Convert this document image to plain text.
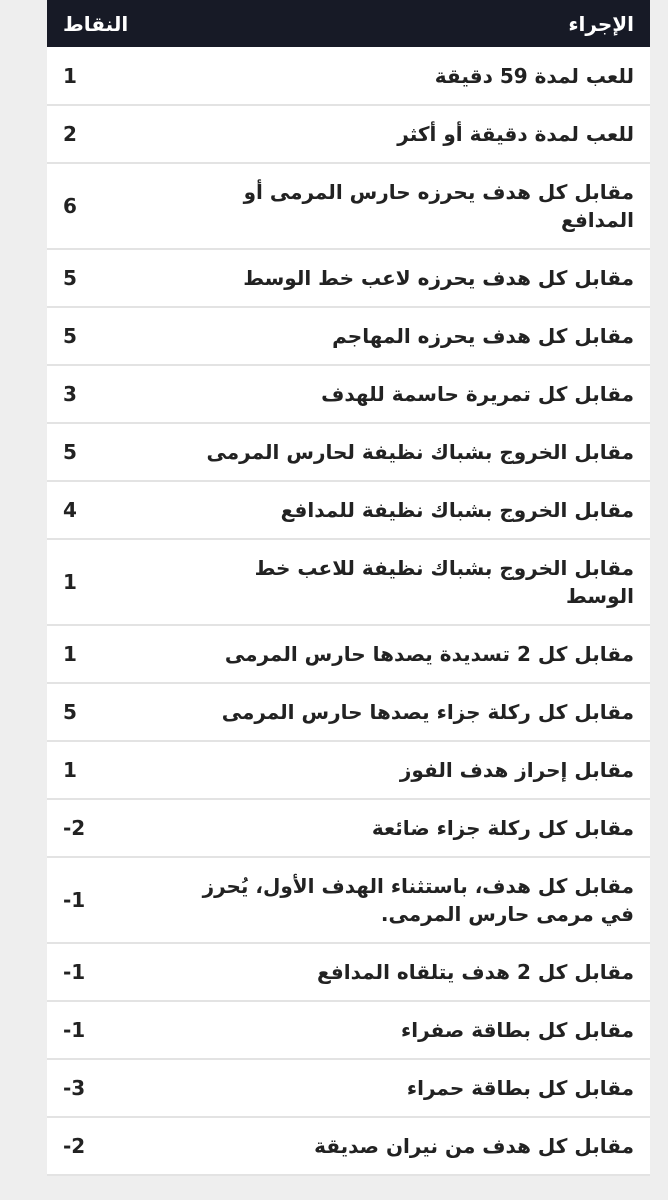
الإجراء	النقاط
للعب لمدة 59 دقيقة	1
للعب لمدة دقيقة أو أكثر	2
مقابل كل هدف يحرزه حارس المرمى أو المدافع	6
مقابل كل هدف يحرزه لاعب خط الوسط	5
مقابل كل هدف يحرزه المهاجم	5
مقابل كل تمريرة حاسمة للهدف	3
مقابل الخروج بشباك نظيفة لحارس المرمى	5
مقابل الخروج بشباك نظيفة للمدافع	4
مقابل الخروج بشباك نظيفة للاعب خط الوسط	1
مقابل كل 2 تسديدة يصدها حارس المرمى	1
مقابل كل ركلة جزاء يصدها حارس المرمى	5
مقابل إحراز هدف الفوز	1
مقابل كل ركلة جزاء ضائعة	-2
مقابل كل هدف، باستثناء الهدف الأول، يُحرز في مرمى حارس المرمى.	-1
مقابل كل 2 هدف يتلقاه المدافع	-1
مقابل كل بطاقة صفراء	-1
مقابل كل بطاقة حمراء	-3
مقابل كل هدف من نيران صديقة	-2
